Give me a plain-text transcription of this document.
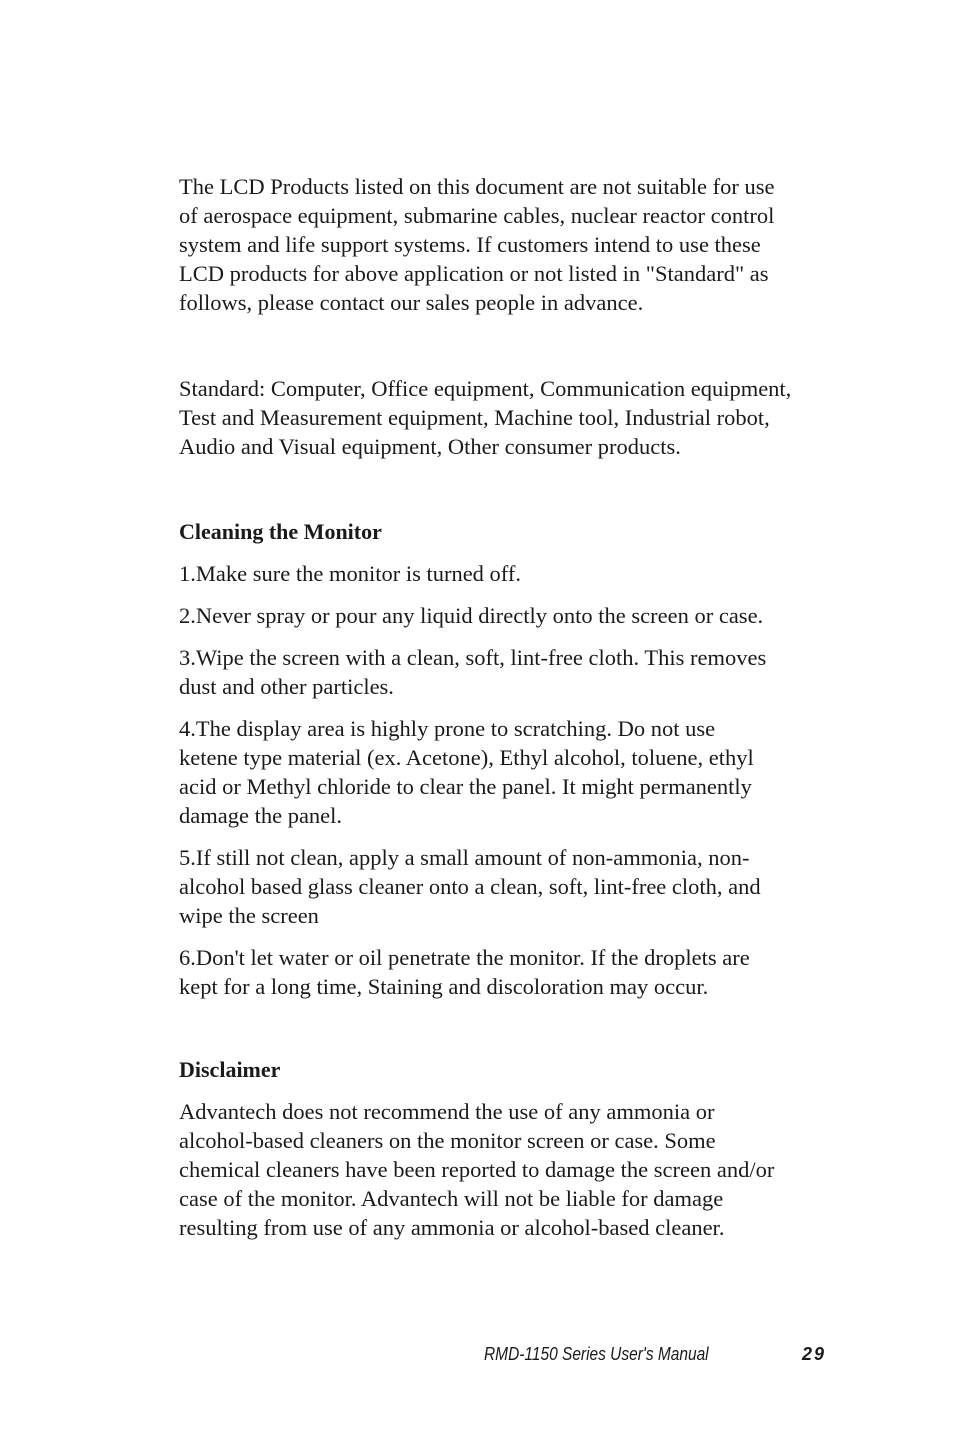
The LCD Products listed on this document are not suitable for use
of aerospace equipment, submarine cables, nuclear reactor control
system and life support systems. If customers intend to use these
LCD products for above application or not listed in "Standard" as
follows, please contact our sales people in advance.

Standard: Computer, Office equipment, Communication equipment,
Test and Measurement equipment, Machine tool, Industrial robot,
Audio and Visual equipment, Other consumer products.

Cleaning the Monitor

1.Make sure the monitor is turned off.

2.Never spray or pour any liquid directly onto the screen or case.

3.Wipe the screen with a clean, soft, lint-free cloth. This removes
dust and other particles.

4.The display area is highly prone to scratching. Do not use
ketene type material (ex. Acetone), Ethyl alcohol, toluene, ethyl
acid or Methyl chloride to clear the panel. It might permanently
damage the panel.

5.If still not clean, apply a small amount of non-ammonia, non-
alcohol based glass cleaner onto a clean, soft, lint-free cloth, and
wipe the screen

6.Don't let water or oil penetrate the monitor. If the droplets are
kept for a long time, Staining and discoloration may occur.

Disclaimer

Advantech does not recommend the use of any ammonia or
alcohol-based cleaners on the monitor screen or case. Some
chemical cleaners have been reported to damage the screen and/or
case of the monitor. Advantech will not be liable for damage
resulting from use of any ammonia or alcohol-based cleaner.

RMD-1150 Series User's Manual	29
